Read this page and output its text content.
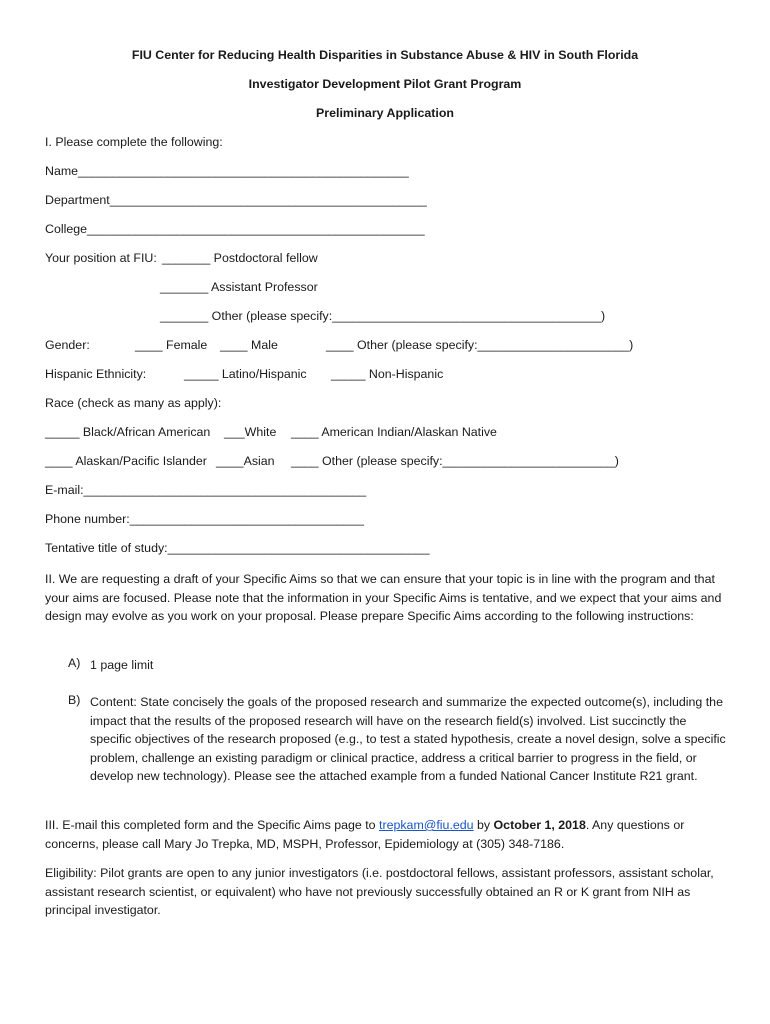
FIU Center for Reducing Health Disparities in Substance Abuse & HIV in South Florida
Investigator Development Pilot Grant Program
Preliminary Application
I. Please complete the following:
Name________________________________________________
Department______________________________________________
College_________________________________________________
Your position at FIU: _______ Postdoctoral fellow
_______ Assistant Professor
_______ Other (please specify:_______________________________________)
Gender:	____ Female ____ Male	____ Other (please specify:______________________)
Hispanic Ethnicity:	_____ Latino/Hispanic _____ Non-Hispanic
Race (check as many as apply):
_____ Black/African American ___White ____ American Indian/Alaskan Native
____ Alaskan/Pacific Islander ____Asian ____ Other (please specify:_________________________)
E-mail:_________________________________________
Phone number:__________________________________
Tentative title of study:______________________________________
II. We are requesting a draft of your Specific Aims so that we can ensure that your topic is in line with the program and that your aims are focused. Please note that the information in your Specific Aims is tentative, and we expect that your aims and design may evolve as you work on your proposal. Please prepare Specific Aims according to the following instructions:
A) 1 page limit
B) Content: State concisely the goals of the proposed research and summarize the expected outcome(s), including the impact that the results of the proposed research will have on the research field(s) involved. List succinctly the specific objectives of the research proposed (e.g., to test a stated hypothesis, create a novel design, solve a specific problem, challenge an existing paradigm or clinical practice, address a critical barrier to progress in the field, or develop new technology). Please see the attached example from a funded National Cancer Institute R21 grant.
III. E-mail this completed form and the Specific Aims page to trepkam@fiu.edu by October 1, 2018. Any questions or concerns, please call Mary Jo Trepka, MD, MSPH, Professor, Epidemiology at (305) 348-7186.
Eligibility: Pilot grants are open to any junior investigators (i.e. postdoctoral fellows, assistant professors, assistant scholar, assistant research scientist, or equivalent) who have not previously successfully obtained an R or K grant from NIH as principal investigator.
